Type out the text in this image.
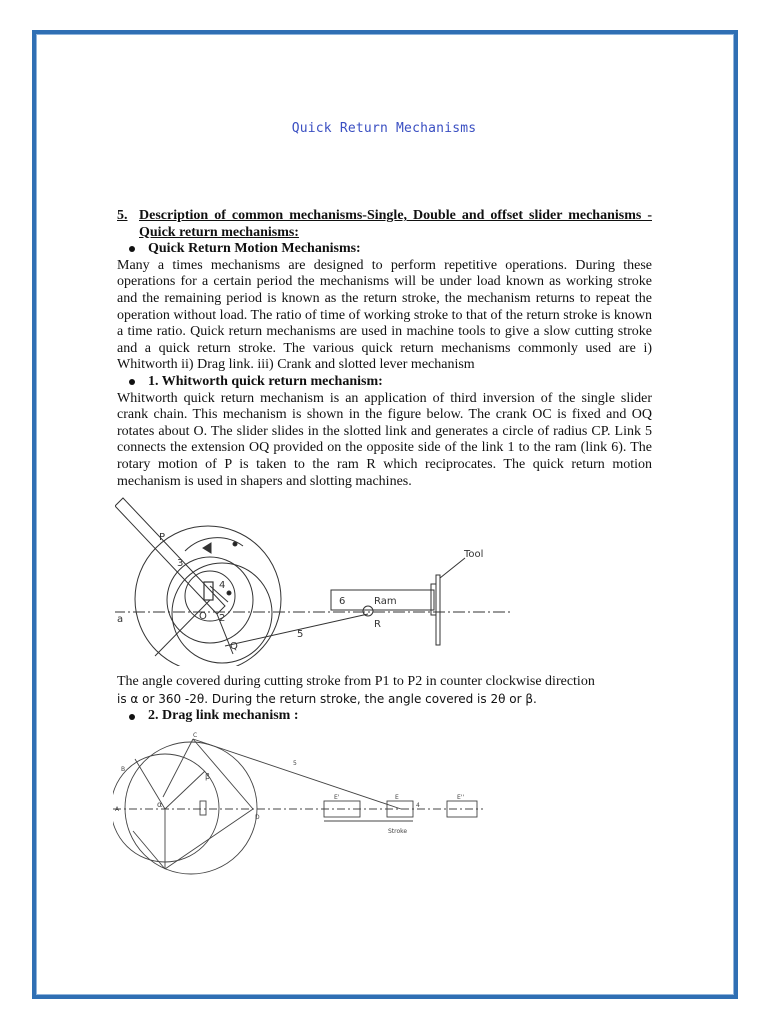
Quick Return Mechanisms
5. Description of common mechanisms-Single, Double and offset slider mechanisms - Quick return mechanisms:
Quick Return Motion Mechanisms:

Many a times mechanisms are designed to perform repetitive operations. During these operations for a certain period the mechanisms will be under load known as working stroke and the remaining period is known as the return stroke, the mechanism returns to repeat the operation without load. The ratio of time of working stroke to that of the return stroke is known a time ratio. Quick return mechanisms are used in machine tools to give a slow cutting stroke and a quick return stroke. The various quick return mechanisms commonly used are i) Whitworth ii) Drag link. iii) Crank and slotted lever mechanism

1. Whitworth quick return mechanism:

Whitworth quick return mechanism is an application of third inversion of the single slider crank chain. This mechanism is shown in the figure below. The crank OC is fixed and OQ rotates about O. The slider slides in the slotted link and generates a circle of radius CP. Link 5 connects the extension OQ provided on the opposite side of the link 1 to the ram (link 6). The rotary motion of P is taken to the ram R which reciprocates. The quick return motion mechanism is used in shapers and slotting machines.

P
3
4
6	Ram
Tool
2
5
R
Q
O
a

The angle covered during cutting stroke from P1 to P2 in counter clockwise direction
is α or 360 -2θ. During the return stroke, the angle covered is 2θ or β.

2. Drag link mechanism :
C
B
A
α
β
E'	E	E''
D
4
5
Stroke
